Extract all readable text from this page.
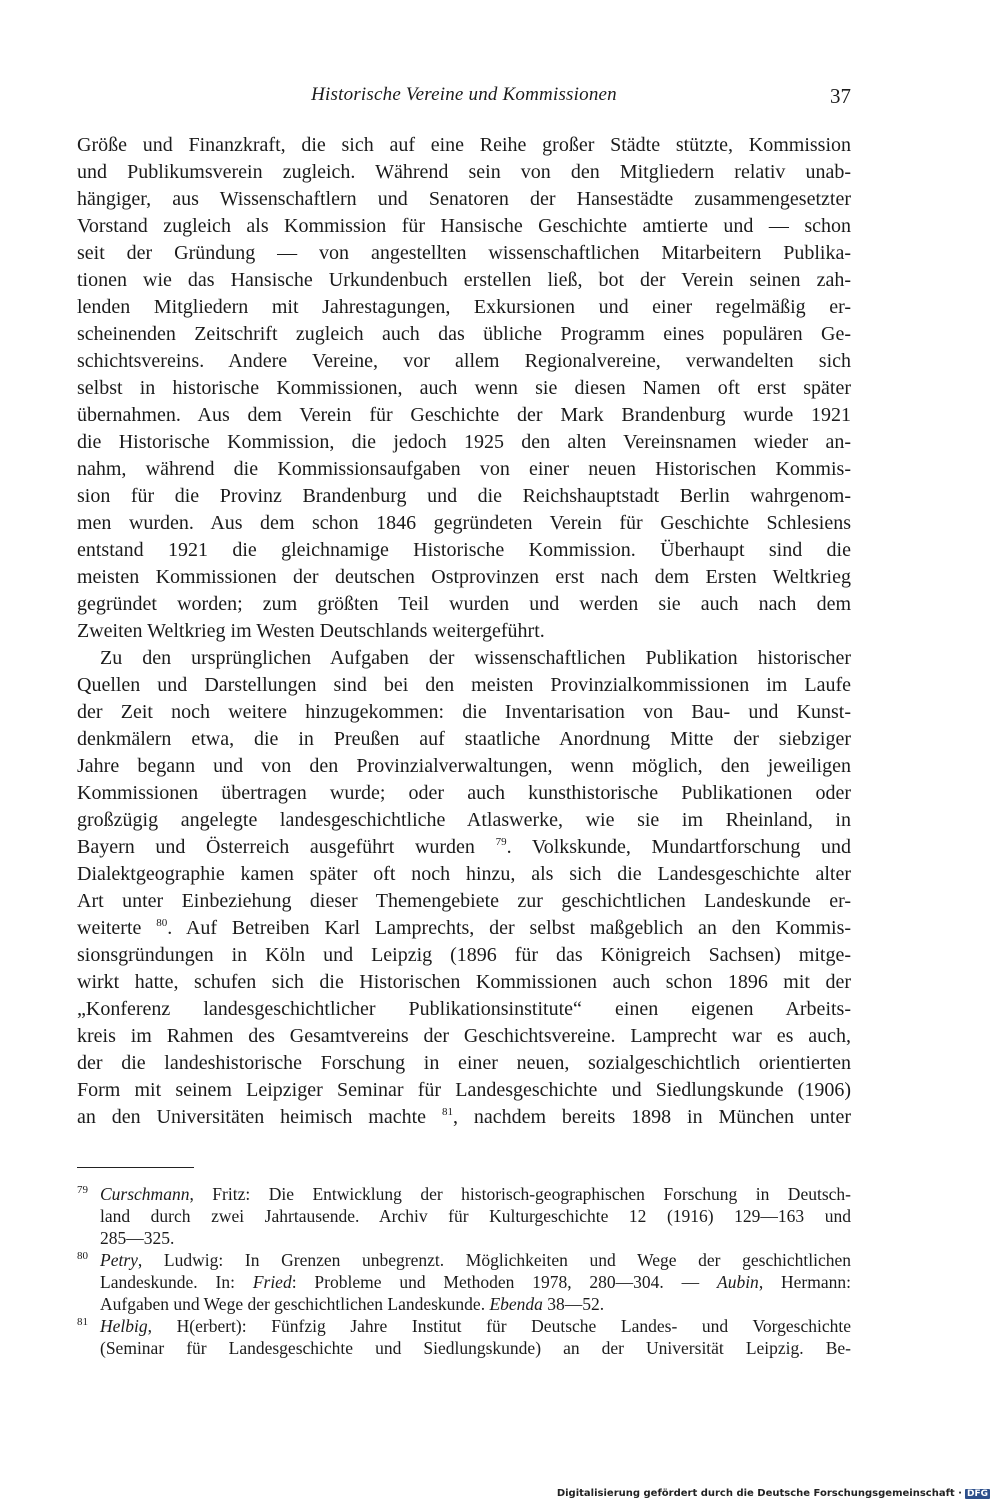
Historische Vereine und Kommissionen	37
Größe und Finanzkraft, die sich auf eine Reihe großer Städte stützte, Kommission
und Publikumsverein zugleich. Während sein von den Mitgliedern relativ unab-
hängiger, aus Wissenschaftlern und Senatoren der Hansestädte zusammengesetzter
Vorstand zugleich als Kommission für Hansische Geschichte amtierte und — schon
seit der Gründung — von angestellten wissenschaftlichen Mitarbeitern Publika-
tionen wie das Hansische Urkundenbuch erstellen ließ, bot der Verein seinen zah-
lenden Mitgliedern mit Jahrestagungen, Exkursionen und einer regelmäßig er-
scheinenden Zeitschrift zugleich auch das übliche Programm eines populären Ge-
schichtsvereins. Andere Vereine, vor allem Regionalvereine, verwandelten sich
selbst in historische Kommissionen, auch wenn sie diesen Namen oft erst später
übernahmen. Aus dem Verein für Geschichte der Mark Brandenburg wurde 1921
die Historische Kommission, die jedoch 1925 den alten Vereinsnamen wieder an-
nahm, während die Kommissionsaufgaben von einer neuen Historischen Kommis-
sion für die Provinz Brandenburg und die Reichshauptstadt Berlin wahrgenom-
men wurden. Aus dem schon 1846 gegründeten Verein für Geschichte Schlesiens
entstand 1921 die gleichnamige Historische Kommission. Überhaupt sind die
meisten Kommissionen der deutschen Ostprovinzen erst nach dem Ersten Weltkrieg
gegründet worden; zum größten Teil wurden und werden sie auch nach dem
Zweiten Weltkrieg im Westen Deutschlands weitergeführt.
Zu den ursprünglichen Aufgaben der wissenschaftlichen Publikation historischer
Quellen und Darstellungen sind bei den meisten Provinzialkommissionen im Laufe
der Zeit noch weitere hinzugekommen: die Inventarisation von Bau- und Kunst-
denkmälern etwa, die in Preußen auf staatliche Anordnung Mitte der siebziger
Jahre begann und von den Provinzialverwaltungen, wenn möglich, den jeweiligen
Kommissionen übertragen wurde; oder auch kunsthistorische Publikationen oder
großzügig angelegte landesgeschichtliche Atlaswerke, wie sie im Rheinland, in
Bayern und Österreich ausgeführt wurden $^{79}$. Volkskunde, Mundartforschung und
Dialektgeographie kamen später oft noch hinzu, als sich die Landesgeschichte alter
Art unter Einbeziehung dieser Themengebiete zur geschichtlichen Landeskunde er-
weiterte $^{80}$. Auf Betreiben Karl Lamprechts, der selbst maßgeblich an den Kommis-
sionsgründungen in Köln und Leipzig (1896 für das Königreich Sachsen) mitge-
wirkt hatte, schufen sich die Historischen Kommissionen auch schon 1896 mit der
„Konferenz landesgeschichtlicher Publikationsinstitute“ einen eigenen Arbeits-
kreis im Rahmen des Gesamtvereins der Geschichtsvereine. Lamprecht war es auch,
der die landeshistorische Forschung in einer neuen, sozialgeschichtlich orientierten
Form mit seinem Leipziger Seminar für Landesgeschichte und Siedlungskunde (1906)
an den Universitäten heimisch machte $^{81}$, nachdem bereits 1898 in München unter
79 Curschmann, Fritz: Die Entwicklung der historisch-geographischen Forschung in Deutsch-
land durch zwei Jahrtausende. Archiv für Kulturgeschichte 12 (1916) 129—163 und
285—325.
80 Petry, Ludwig: In Grenzen unbegrenzt. Möglichkeiten und Wege der geschichtlichen
Landeskunde. In: Fried: Probleme und Methoden 1978, 280—304. — Aubin, Hermann:
Aufgaben und Wege der geschichtlichen Landeskunde. Ebenda 38—52.
81 Helbig, H(erbert): Fünfzig Jahre Institut für Deutsche Landes- und Vorgeschichte
(Seminar für Landesgeschichte und Siedlungskunde) an der Universität Leipzig. Be-
Digitalisierung gefördert durch die Deutsche Forschungsgemeinschaft · DFG
